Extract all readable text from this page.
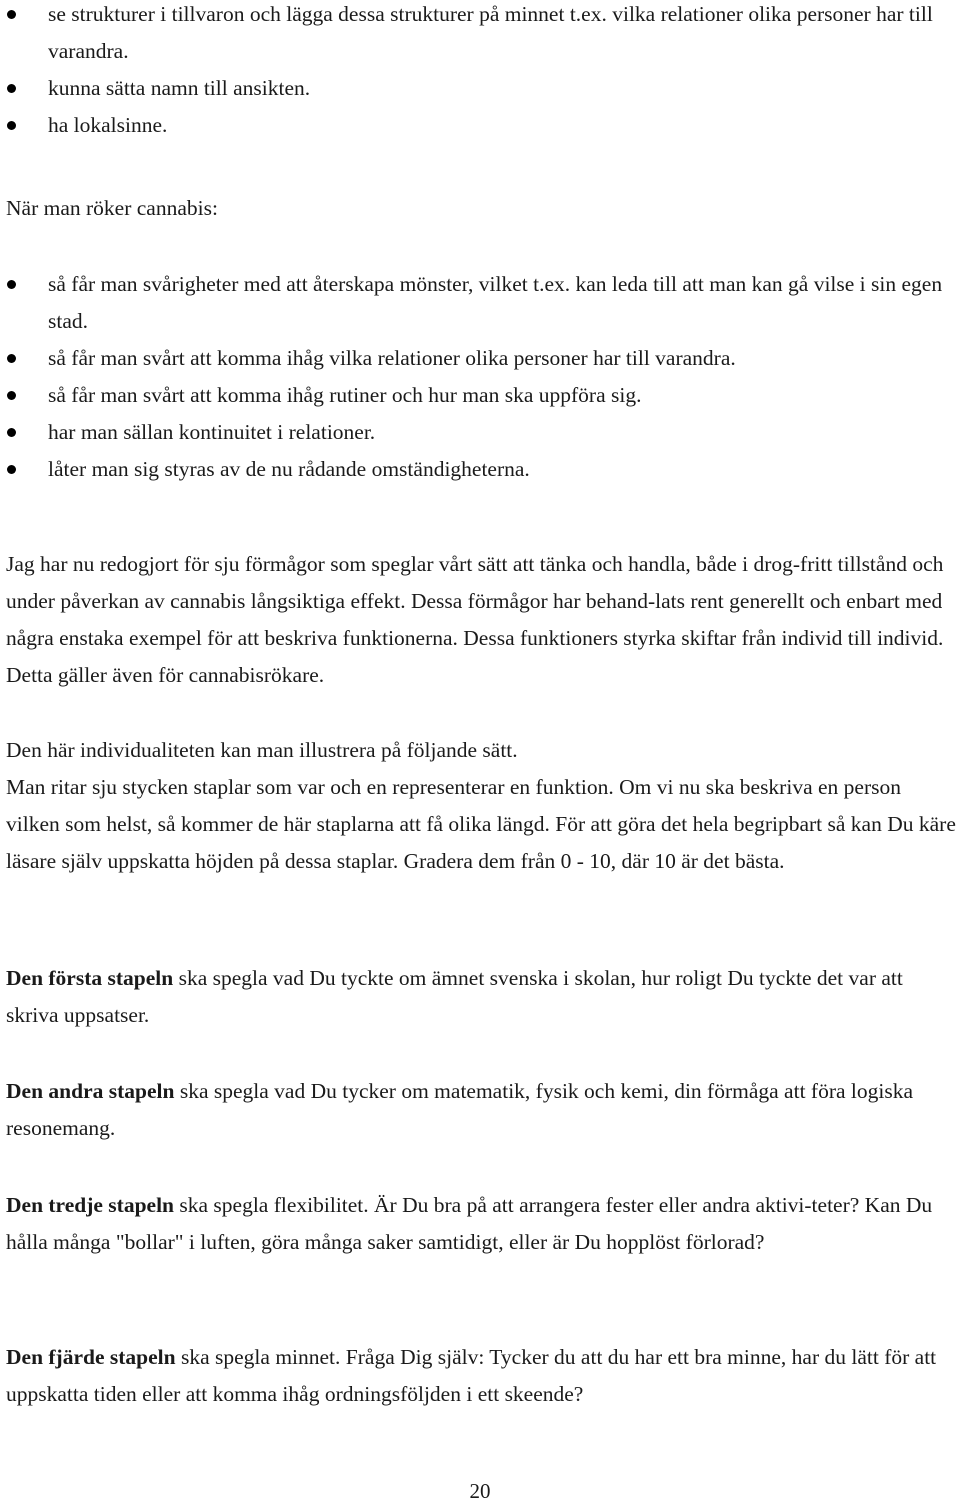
se strukturer i tillvaron och lägga dessa strukturer på minnet t.ex. vilka relationer olika personer har till varandra.
kunna sätta namn till ansikten.
ha lokalsinne.

När man röker cannabis:

så får man svårigheter med att återskapa mönster, vilket t.ex. kan leda till att man kan gå vilse i sin egen stad.
så får man svårt att komma ihåg vilka relationer olika personer har till varandra.
så får man svårt att komma ihåg rutiner och hur man ska uppföra sig.
har man sällan kontinuitet i relationer.
låter man sig styras av de nu rådande omständigheterna.

Jag har nu redogjort för sju förmågor som speglar vårt sätt att tänka och handla, både i drog-fritt tillstånd och under påverkan av cannabis långsiktiga effekt. Dessa förmågor har behand-lats rent generellt och enbart med några enstaka exempel för att beskriva funktionerna. Dessa funktioners styrka skiftar från individ till individ. Detta gäller även för cannabisrökare.

Den här individualiteten kan man illustrera på följande sätt.

Man ritar sju stycken staplar som var och en representerar en funktion. Om vi nu ska beskriva en person vilken som helst, så kommer de här staplarna att få olika längd. För att göra det hela begripbart så kan Du käre läsare själv uppskatta höjden på dessa staplar. Gradera dem från 0 - 10, där 10 är det bästa.

Den första stapeln ska spegla vad Du tyckte om ämnet svenska i skolan, hur roligt Du tyckte det var att skriva uppsatser.

Den andra stapeln ska spegla vad Du tycker om matematik, fysik och kemi, din förmåga att föra logiska resonemang.

Den tredje stapeln ska spegla flexibilitet. Är Du bra på att arrangera fester eller andra aktivi-teter? Kan Du hålla många "bollar" i luften, göra många saker samtidigt, eller är Du hopplöst förlorad?

Den fjärde stapeln ska spegla minnet. Fråga Dig själv: Tycker du att du har ett bra minne, har du lätt för att uppskatta tiden eller att komma ihåg ordningsföljden i ett skeende?

20
